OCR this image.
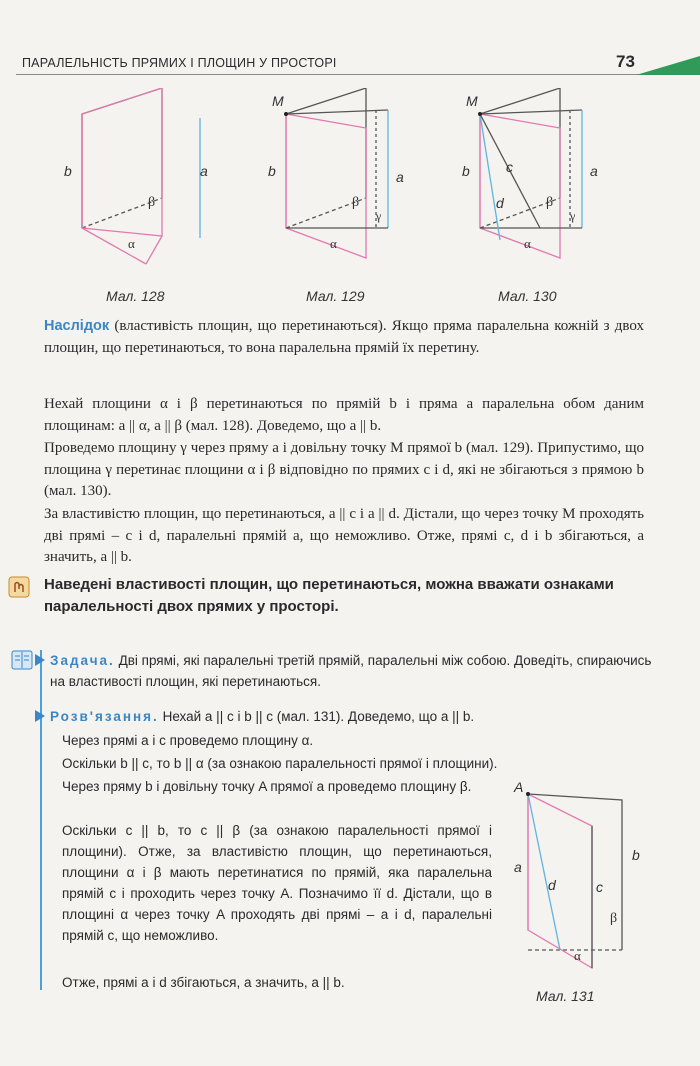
ПАРАЛЕЛЬНІСТЬ ПРЯМИХ І ПЛОЩИН У ПРОСТОРІ	73
b	a
β
α
M
b	a
β
γ
α
M
b	c	a
d	β
γ
α
Мал. 128	Мал. 129	Мал. 130
Наслідок (властивість площин, що перетинаються). Якщо пряма паралельна кожній з двох площин, що перетинаються, то вона паралельна прямій їх перетину.
Нехай площини α і β перетинаються по прямій b і пряма a паралельна обом даним площинам: a || α, a || β (мал. 128). Доведемо, що a || b.
Проведемо площину γ через пряму a і довільну точку M прямої b (мал. 129). Припустимо, що площина γ перетинає площини α і β відповідно по прямих c і d, які не збігаються з прямою b (мал. 130).
За властивістю площин, що перетинаються, a || c і a || d. Дістали, що через точку M проходять дві прямі – c і d, паралельні прямій a, що неможливо. Отже, прямі c, d і b збігаються, а значить, a || b.
Наведені властивості площин, що перетинаються, можна вважати ознаками паралельності двох прямих у просторі.
Задача. Дві прямі, які паралельні третій прямій, паралельні між собою. Доведіть, спираючись на властивості площин, які перетинаються.
Розв'язання. Нехай a || c і b || c (мал. 131). Доведемо, що a || b.
Через прямі a і c проведемо площину α.
Оскільки b || c, то b || α (за ознакою паралельності прямої і площини).
Через пряму b і довільну точку A прямої a проведемо площину β.
Оскільки c || b, то c || β (за ознакою паралельності прямої і площини). Отже, за властивістю площин, що перетинаються, площини α і β мають перетинатися по прямій, яка паралельна прямій c і проходить через точку A. Позначимо її d. Дістали, що в площині α через точку A проходять дві прямі – a і d, паралельні прямій c, що неможливо.
Отже, прямі a і d збігаються, а значить, a || b.
A
b
a
d	c
β
α
Мал. 131
